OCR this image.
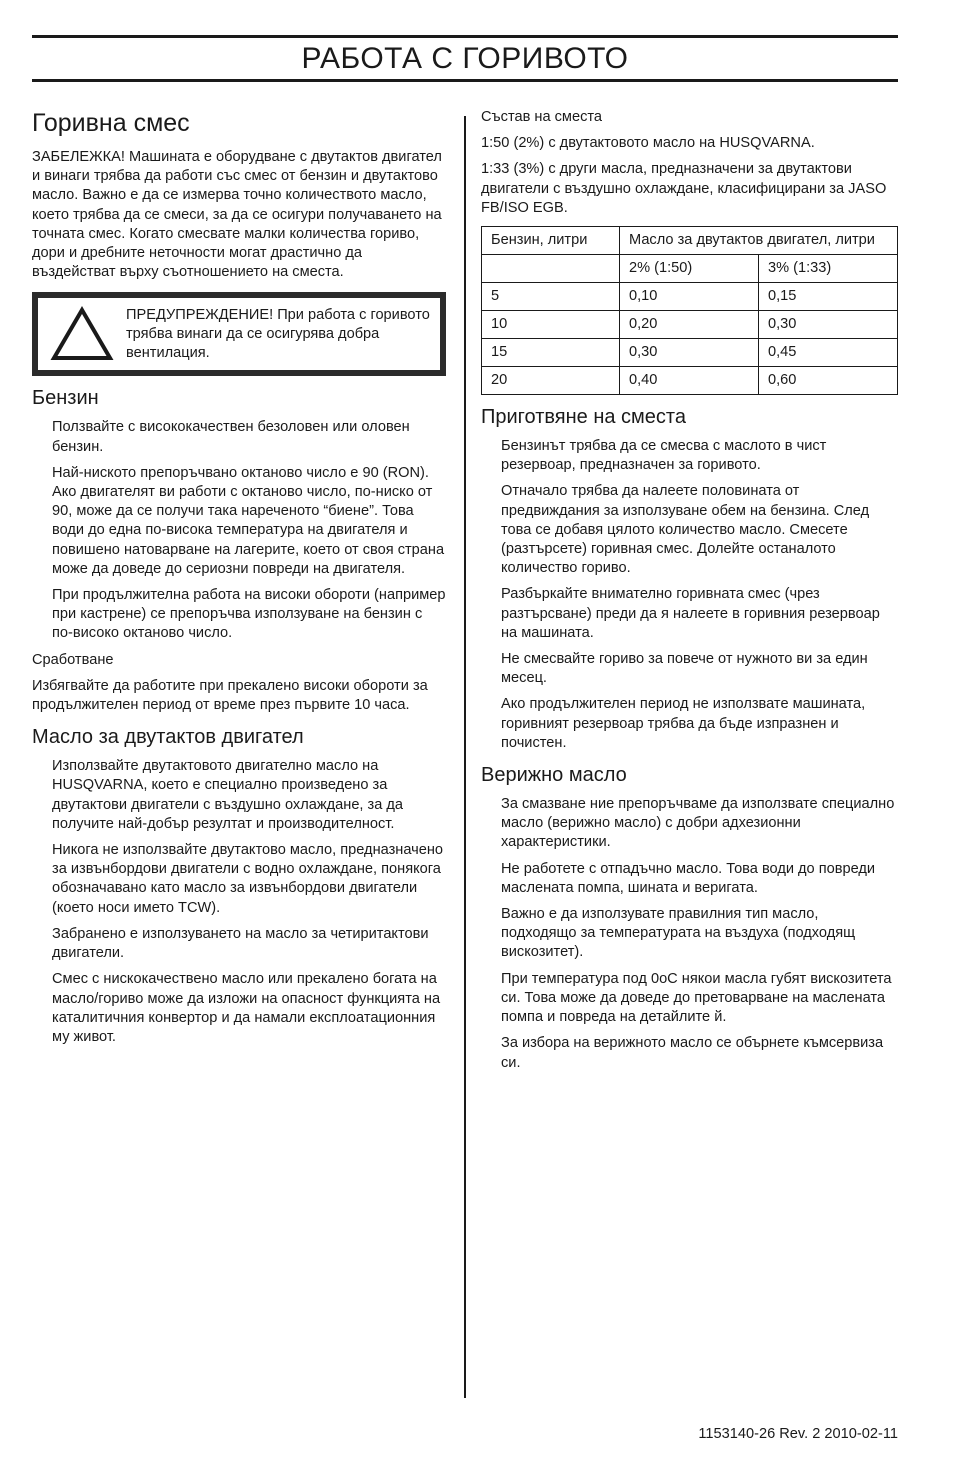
РАБОТА С ГОРИВОТО
Горивна смес

ЗАБЕЛЕЖКА! Машината е оборудване с двутактов двигател и винаги трябва да работи със смес от бензин и двутактово масло. Важно е да се измерва точно количеството масло, което трябва да се смеси, за да се осигури получаването на точната смес. Когато смесвате малки количества гориво, дори и дребните неточности могат драстично да въздействат върху съотношението на сместа.

ПРЕДУПРЕЖДЕНИЕ! При работа с горивото трябва винаги да се осигурява добра вентилация.
Бензин

Ползвайте с висококачествен безоловен или оловен бензин.

Най-ниското препоръчвано октаново число е 90 (RON). Ако двигателят ви работи с октаново число, по-ниско от 90, може да се получи така нареченото “биене”. Това води до една по-висока температура на двигателя и повишено натоварване на лагерите, което от своя страна може да доведе до сериозни повреди на двигателя.

При продължителна работа на високи обороти (например при кастрене) се препоръчва използуване на бензин с по-високо октаново число.

Сработване

Избягвайте да работите при прекалено високи обороти за продължителен период от време през първите 10 часа.

Масло за двутактов двигател

Използвайте двутактовото двигателно масло на HUSQVARNA, което е специално произведено за двутактови двигатели с въздушно охлаждане, за да получите най-добър резултат и производителност.

Никога не използвайте двутактово масло, предназначено за извънбордови двигатели с водно охлаждане, понякога обозначавано като масло за извънбордови двигатели (което носи името TCW).

Забранено е използуването на масло за четиритактови двигатели.

Смес с нискокачествено масло или прекалено богата на масло/гориво може да изложи на опасност функцията на каталитичния конвертор и да намали експлоатационния му живот.

Състав на сместа

1:50 (2%) с двутактовото масло на HUSQVARNA.

1:33 (3%) с други масла, предназначени за двутактови двигатели с въздушно охлаждане, класифицирани за JASO FB/ISO EGB.

Бензин, литри	Масло за двутактов двигател, литри	
	2% (1:50)	3% (1:33)
5	0,10	0,15
10	0,20	0,30
15	0,30	0,45
20	0,40	0,60
Приготвяне на сместа

Бензинът трябва да се смесва с маслото в чист резервоар, предназначен за горивото.

Отначало трябва да налеете половината от предвиждания за използуване обем на бензина. След това се добавя цялото количество масло. Смесете (разтърсете) горивная смес. Долейте останалото количество гориво.

Разбъркайте внимателно горивната смес (чрез разтърсване) преди да я налеете в горивния резервоар на машината.

Не смесвайте гориво за повече от нужното ви за един месец.

Ако продължителен период не използвате машината, горивният резервоар трябва да бъде изпразнен и почистен.

Верижно масло

За смазване ние препоръчваме да използвате специално масло (верижно масло) с добри адхезионни характеристики.

Не работете с отпадъчно масло. Това води до повреди маслената помпа, шината и веригата.

Важно е да използувате правилния тип масло, подходящо за температурата на въздуха (подходящ вискозитет).

При температура под 0оС някои масла губят вискозитета си. Това може да доведе до претоварване на маслената помпа и повреда на детайлите й.

За избора на верижното масло се обърнете къмсервиза си.

1153140-26 Rev. 2 2010-02-11
